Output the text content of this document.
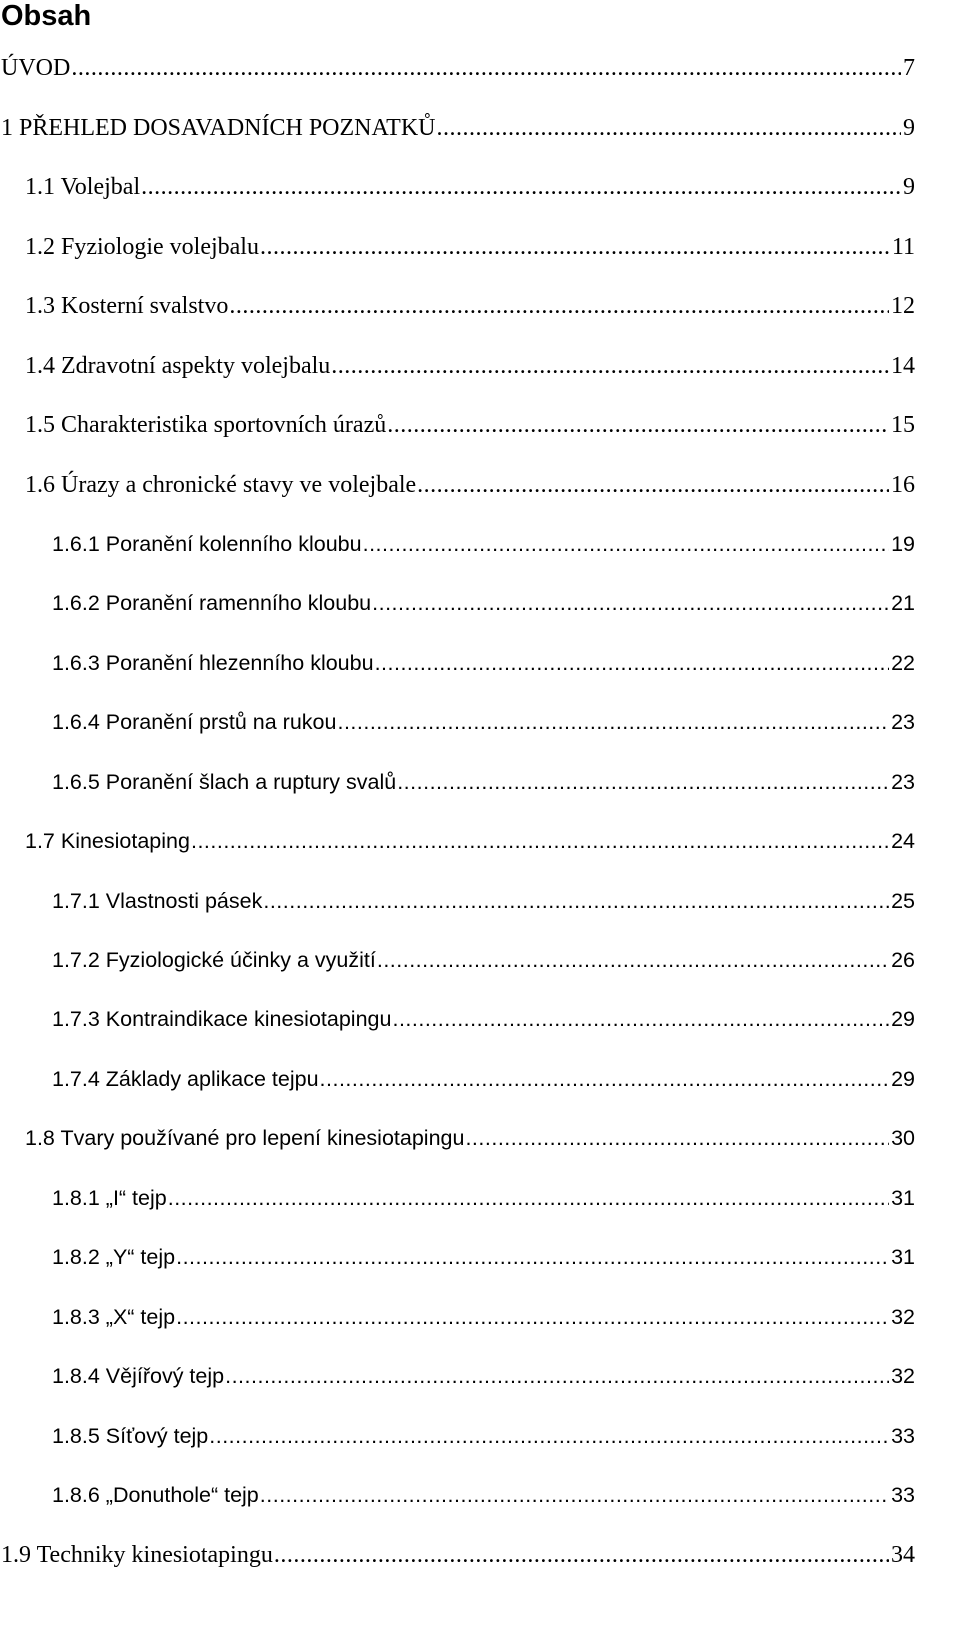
Obsah
ÚVOD .....	7
1 PŘEHLED DOSAVADNÍCH POZNATKŮ .....	9
1.1 Volejbal .....	9
1.2 Fyziologie volejbalu .....	11
1.3 Kosterní svalstvo .....	12
1.4 Zdravotní aspekty volejbalu .....	14
1.5 Charakteristika sportovních úrazů .....	15
1.6 Úrazy a chronické stavy ve volejbale .....	16
1.6.1 Poranění kolenního kloubu .....	19
1.6.2 Poranění ramenního kloubu .....	21
1.6.3 Poranění hlezenního kloubu .....	22
1.6.4 Poranění prstů na rukou .....	23
1.6.5 Poranění šlach a ruptury svalů .....	23
1.7 Kinesiotaping .....	24
1.7.1 Vlastnosti pásek .....	25
1.7.2 Fyziologické účinky a využití .....	26
1.7.3 Kontraindikace kinesiotapingu .....	29
1.7.4 Základy aplikace tejpu .....	29
1.8 Tvary používané pro lepení kinesiotapingu .....	30
1.8.1 „I“ tejp .....	31
1.8.2 „Y“ tejp .....	31
1.8.3 „X“ tejp .....	32
1.8.4 Vějířový tejp .....	32
1.8.5 Síťový tejp .....	33
1.8.6 „Donuthole“ tejp .....	33
1.9 Techniky kinesiotapingu .....	34
